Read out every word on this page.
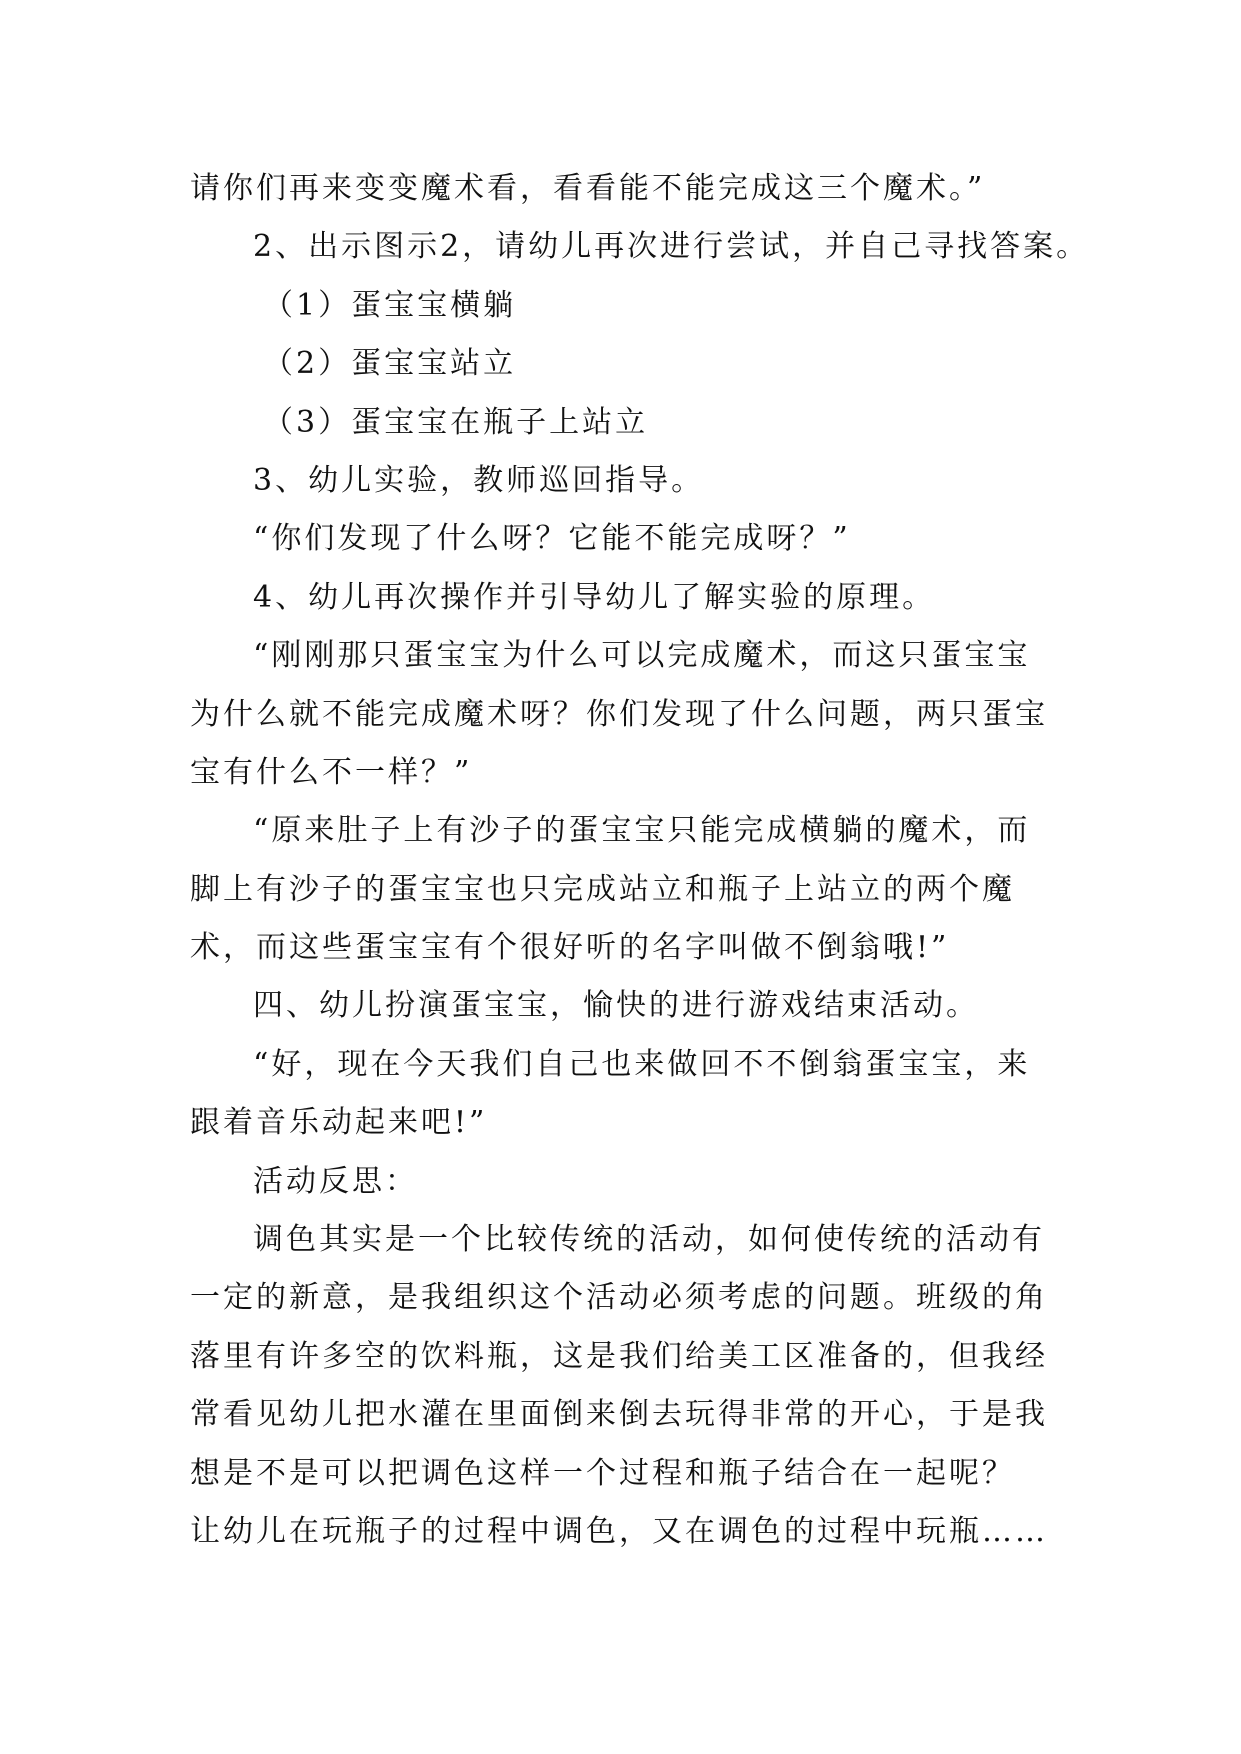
请你们再来变变魔术看，看看能不能完成这三个魔术。”

2、出示图示2，请幼儿再次进行尝试，并自己寻找答案。

（1）蛋宝宝横躺

（2）蛋宝宝站立

（3）蛋宝宝在瓶子上站立

3、幼儿实验，教师巡回指导。

“你们发现了什么呀？它能不能完成呀？”

4、幼儿再次操作并引导幼儿了解实验的原理。

“刚刚那只蛋宝宝为什么可以完成魔术，而这只蛋宝宝

为什么就不能完成魔术呀？你们发现了什么问题，两只蛋宝

宝有什么不一样？”

“原来肚子上有沙子的蛋宝宝只能完成横躺的魔术，而

脚上有沙子的蛋宝宝也只完成站立和瓶子上站立的两个魔

术，而这些蛋宝宝有个很好听的名字叫做不倒翁哦!”

四、幼儿扮演蛋宝宝，愉快的进行游戏结束活动。

“好，现在今天我们自己也来做回不不倒翁蛋宝宝，来

跟着音乐动起来吧!”

活动反思：

调色其实是一个比较传统的活动，如何使传统的活动有

一定的新意，是我组织这个活动必须考虑的问题。班级的角

落里有许多空的饮料瓶，这是我们给美工区准备的，但我经

常看见幼儿把水灌在里面倒来倒去玩得非常的开心，于是我

想是不是可以把调色这样一个过程和瓶子结合在一起呢？

让幼儿在玩瓶子的过程中调色，又在调色的过程中玩瓶……
